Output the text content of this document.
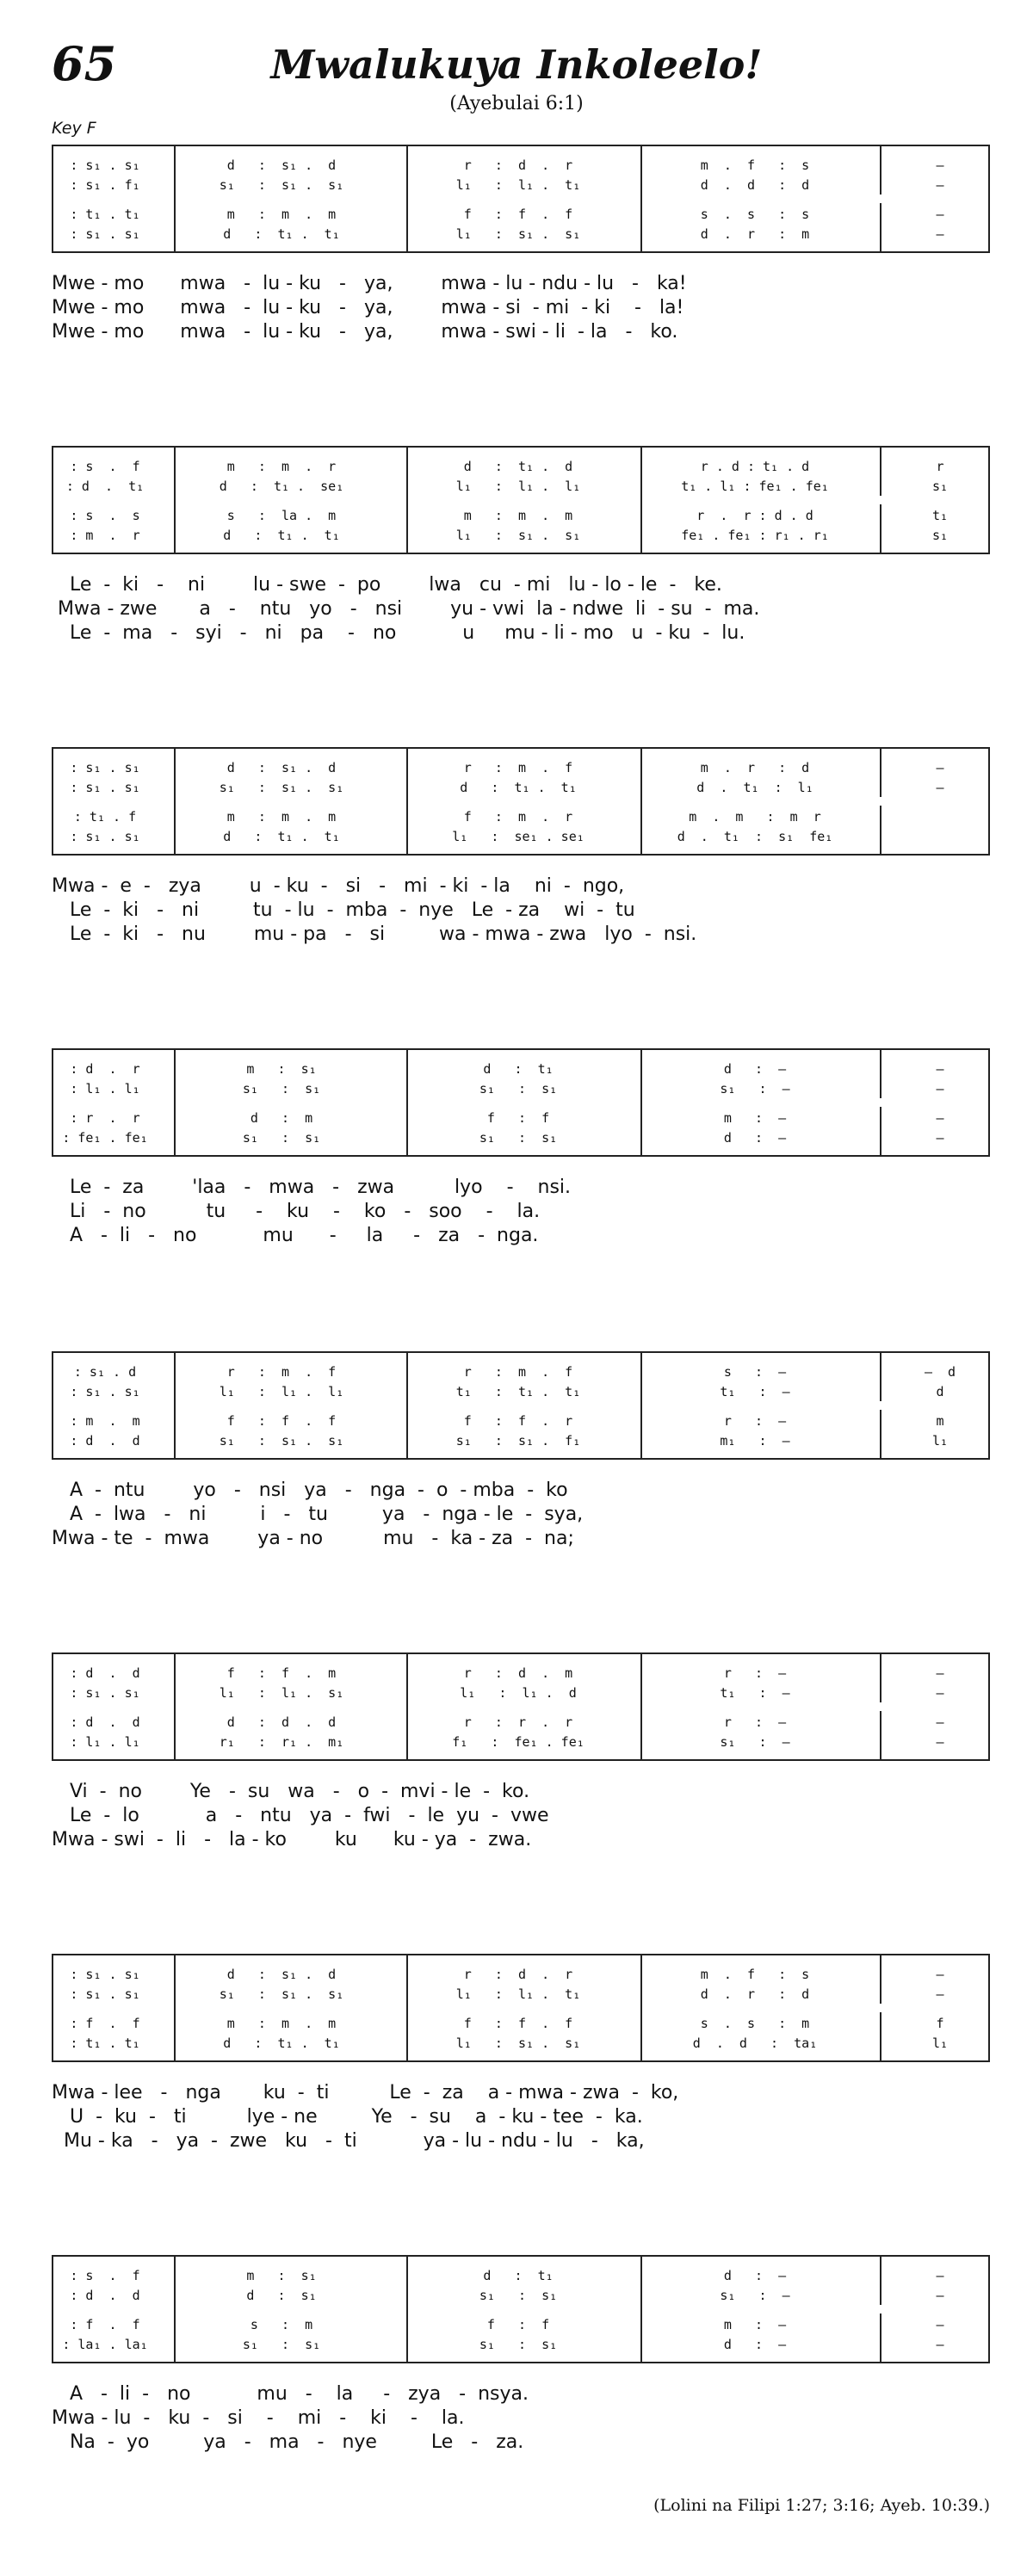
65	Mwalukuya Inkoleelo!
(Ayebulai 6:1)
Key F
: s₁ . s₁
: s₁ . f₁
: t₁ . t₁
: s₁ . s₁
d   :  s₁ .  d
s₁   :  s₁ .  s₁
m   :  m  .  m
d   :  t₁ .  t₁
r   :  d  .  r
l₁   :  l₁ .  t₁
f   :  f  .  f
l₁   :  s₁ .  s₁
m  .  f   :  s
d  .  d   :  d
s  .  s   :  s
d  .  r   :  m
—
—
—
—
Mwe - mo      mwa   -  lu - ku   -   ya,        mwa - lu - ndu - lu   -   ka!
Mwe - mo      mwa   -  lu - ku   -   ya,        mwa - si  - mi  - ki    -   la!
Mwe - mo      mwa   -  lu - ku   -   ya,        mwa - swi - li  - la   -   ko.
: s  .  f
: d  .  t₁
: s  .  s
: m  .  r
m   :  m  .  r
d   :  t₁ .  se₁
s   :  la .  m
d   :  t₁ .  t₁
d   :  t₁ .  d
l₁   :  l₁ .  l₁
m   :  m  .  m
l₁   :  s₁ .  s₁
r . d : t₁ . d
t₁ . l₁ : fe₁ . fe₁
r  .  r : d . d
fe₁ . fe₁ : r₁ . r₁
r
s₁
t₁
s₁
Le  -  ki   -    ni        lu - swe  -  po        lwa   cu  - mi   lu - lo - le  -   ke.
Mwa - zwe       a   -    ntu   yo   -   nsi        yu - vwi  la - ndwe  li  - su  -  ma.
Le  -  ma   -   syi   -   ni   pa    -   no           u     mu - li - mo   u  - ku  -  lu.
: s₁ . s₁
: s₁ . s₁
: t₁ . f
: s₁ . s₁
d   :  s₁ .  d
s₁   :  s₁ .  s₁
m   :  m  .  m
d   :  t₁ .  t₁
r   :  m  .  f
d   :  t₁ .  t₁
f   :  m  .  r
l₁   :  se₁ . se₁
m  .  r   :  d
d  .  t₁  :  l₁
m  .  m   :  m  r
d  .  t₁  :  s₁  fe₁
—
—
Mwa -  e  -   zya        u  - ku  -   si   -   mi  - ki  - la    ni  -  ngo,
Le  -  ki   -   ni         tu  - lu  -  mba  -  nye   Le  - za    wi  -  tu
Le  -  ki   -   nu        mu - pa   -   si         wa - mwa - zwa   lyo  -  nsi.
: d  .  r
: l₁ . l₁
: r  .  r
: fe₁ . fe₁
m   :  s₁
s₁   :  s₁
d   :  m
s₁   :  s₁
d   :  t₁
s₁   :  s₁
f   :  f
s₁   :  s₁
d   :  —
s₁   :  —
m   :  —
d   :  —
—
—
—
—
Le  -  za        'laa   -   mwa   -   zwa          lyo    -    nsi.
Li   -  no          tu     -    ku    -    ko   -   soo    -    la.
A   -  li   -   no           mu      -     la     -   za   -  nga.
: s₁ . d
: s₁ . s₁
: m  .  m
: d  .  d
r   :  m  .  f
l₁   :  l₁ .  l₁
f   :  f  .  f
s₁   :  s₁ .  s₁
r   :  m  .  f
t₁   :  t₁ .  t₁
f   :  f  .  r
s₁   :  s₁ .  f₁
s   :  —
t₁   :  —
r   :  —
m₁   :  —
—  d
d
m
l₁
A  -  ntu        yo   -   nsi   ya   -   nga  -  o  - mba  -  ko
A  -  lwa   -   ni         i   -   tu         ya   -  nga - le  -  sya,
Mwa - te  -  mwa        ya - no          mu   -  ka - za  -  na;
: d  .  d
: s₁ . s₁
: d  .  d
: l₁ . l₁
f   :  f  .  m
l₁   :  l₁ .  s₁
d   :  d  .  d
r₁   :  r₁ .  m₁
r   :  d  .  m
l₁   :  l₁ .  d
r   :  r  .  r
f₁   :  fe₁ . fe₁
r   :  —
t₁   :  —
r   :  —
s₁   :  —
—
—
—
—
Vi  -  no        Ye   -  su   wa   -   o  -  mvi - le  -  ko.
Le  -  lo           a   -   ntu   ya  -  fwi   -  le  yu  -  vwe
Mwa - swi  -  li   -   la - ko        ku      ku - ya  -  zwa.
: s₁ . s₁
: s₁ . s₁
: f  .  f
: t₁ . t₁
d   :  s₁ .  d
s₁   :  s₁ .  s₁
m   :  m  .  m
d   :  t₁ .  t₁
r   :  d  .  r
l₁   :  l₁ .  t₁
f   :  f  .  f
l₁   :  s₁ .  s₁
m  .  f   :  s
d  .  r   :  d
s  .  s   :  m
d  .  d   :  ta₁
—
—
f
l₁
Mwa - lee   -   nga       ku  -  ti          Le  -  za    a - mwa - zwa  -  ko,
U  -  ku  -   ti          lye - ne         Ye   -  su    a  - ku - tee  -  ka.
Mu - ka   -   ya  -  zwe   ku   -  ti           ya - lu - ndu - lu   -   ka,
: s  .  f
: d  .  d
: f  .  f
: la₁ . la₁
m   :  s₁
d   :  s₁
s   :  m
s₁   :  s₁
d   :  t₁
s₁   :  s₁
f   :  f
s₁   :  s₁
d   :  —
s₁   :  —
m   :  —
d   :  —
—
—
—
—
A   -  li  -   no           mu   -    la     -   zya   -  nsya.
Mwa - lu  -   ku  -   si    -    mi   -    ki    -    la.
Na  -  yo         ya   -   ma   -   nye         Le   -   za.
(Lolini na Filipi 1:27; 3:16; Ayeb. 10:39.)
